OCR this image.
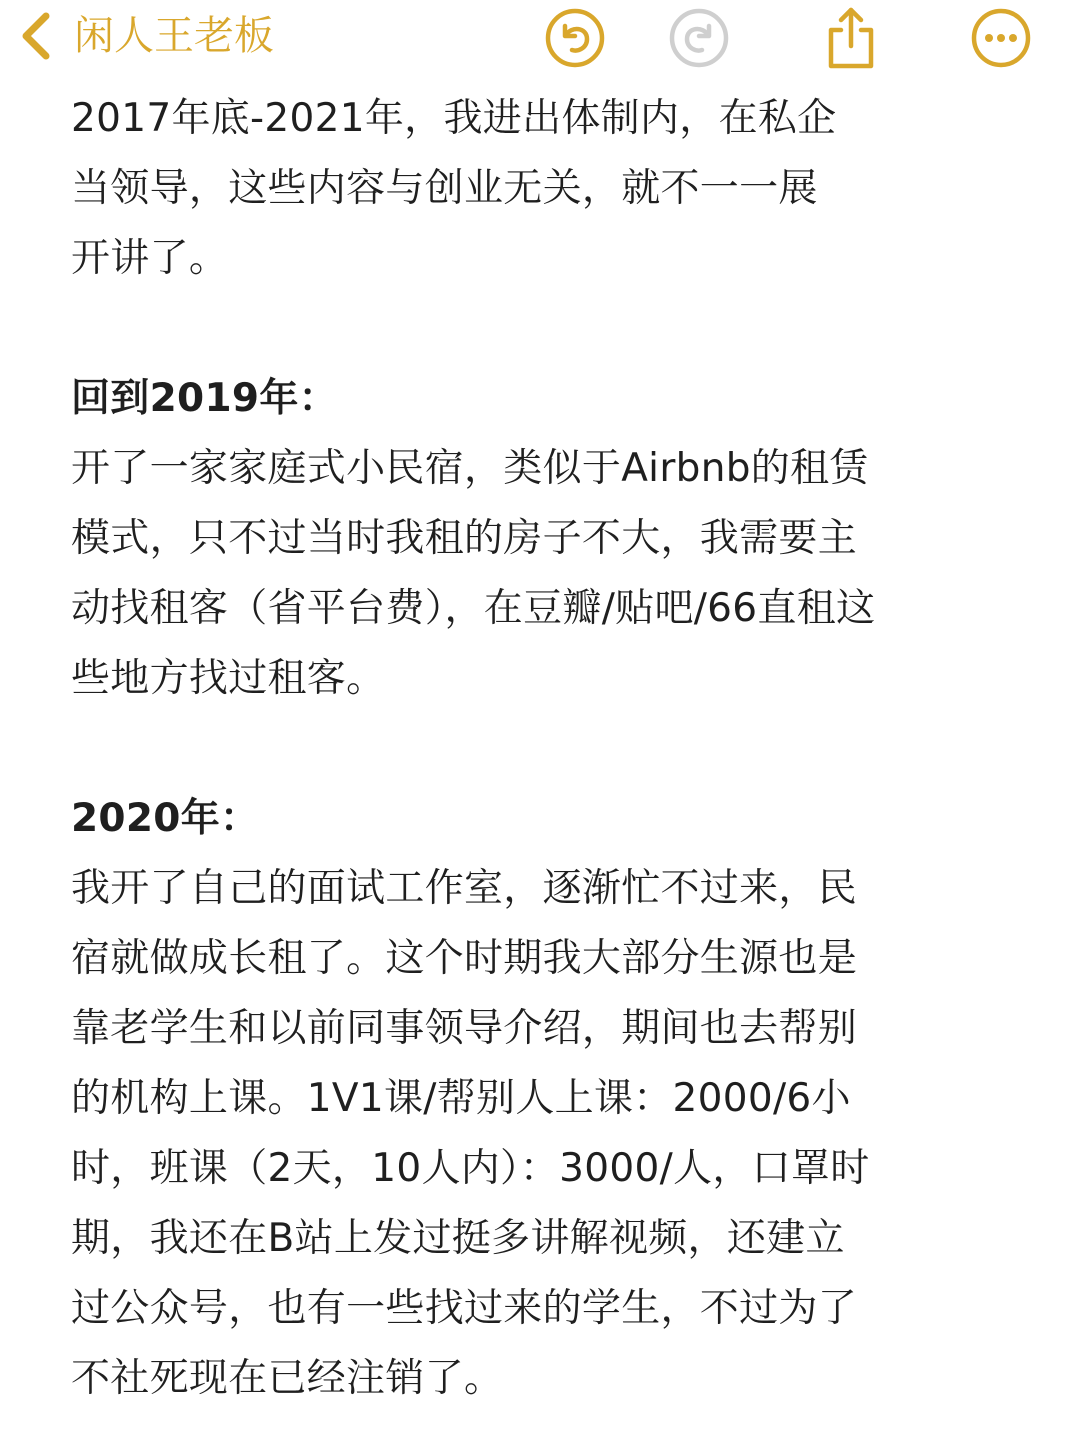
闲人王老板
2017年底-2021年，我进出体制内，在私企
当领导，这些内容与创业无关，就不一一展
开讲了。
回到2019年：
开了一家家庭式小民宿，类似于Airbnb的租赁
模式，只不过当时我租的房子不大，我需要主
动找租客（省平台费），在豆瓣/贴吧/66直租这
些地方找过租客。
2020年：
我开了自己的面试工作室，逐渐忙不过来，民
宿就做成长租了。这个时期我大部分生源也是
靠老学生和以前同事领导介绍，期间也去帮别
的机构上课。1V1课/帮别人上课：2000/6小
时，班课（2天，10人内）：3000/人，口罩时
期，我还在B站上发过挺多讲解视频，还建立
过公众号，也有一些找过来的学生，不过为了
不社死现在已经注销了。
